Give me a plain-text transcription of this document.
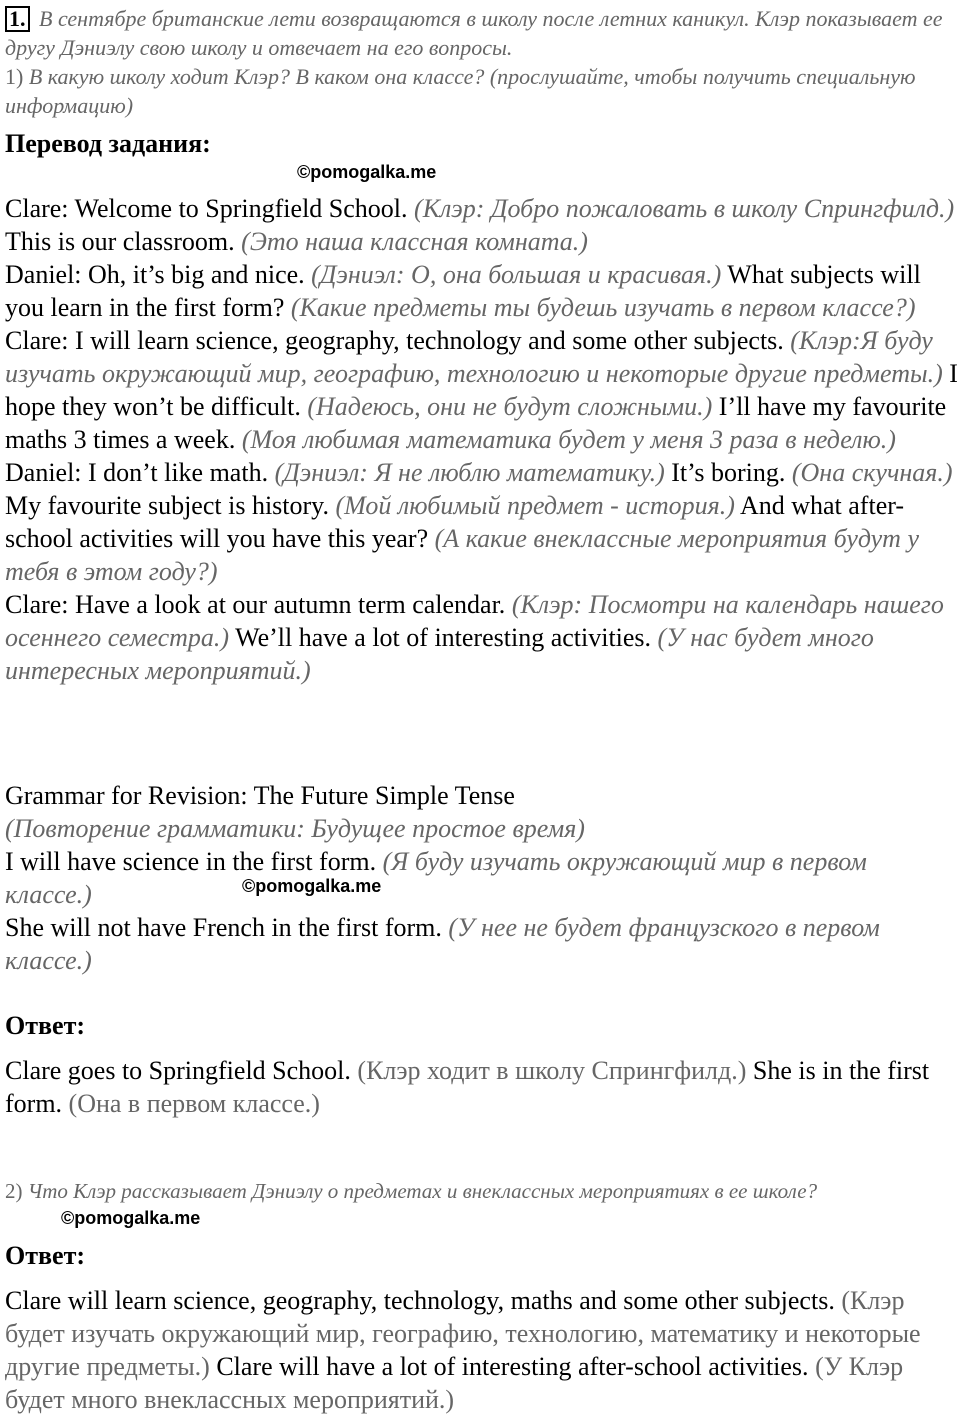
1. В сентябре британские лети возвращаются в школу после летних каникул. Клэр показывает ее другу Дэниэлу свою школу и отвечает на его вопросы.
1) В какую школу ходит Клэр? В каком она классе? (прослушайте, чтобы получить специальную информацию)
Перевод задания:
©pomogalka.me
Clare: Welcome to Springfield School. (Клэр: Добро пожаловать в школу Спрингфилд.) This is our classroom. (Это наша классная комната.)
Daniel: Oh, it’s big and nice. (Дэниэл: О, она большая и красивая.) What subjects will you learn in the first form? (Какие предметы ты будешь изучать в первом классе?)
Clare: I will learn science, geography, technology and some other subjects. (Клэр:Я буду изучать окружающий мир, географию, технологию и некоторые другие предметы.) I hope they won’t be difficult. (Надеюсь, они не будут сложными.) I’ll have my favourite maths 3 times a week. (Моя любимая математика будет у меня 3 раза в неделю.)
Daniel: I don’t like math. (Дэниэл: Я не люблю математику.) It’s boring. (Она скучная.) My favourite subject is history. (Мой любимый предмет - история.) And what after-school activities will you have this year? (А какие внеклассные мероприятия будут у тебя в этом году?)
Clare: Have a look at our autumn term calendar. (Клэр: Посмотри на календарь нашего осеннего семестра.) We’ll have a lot of interesting activities. (У нас будет много интересных мероприятий.)
Grammar for Revision: The Future Simple Tense
(Повторение грамматики: Будущее простое время)
I will have science in the first form. (Я буду изучать окружающий мир в первом классе.)
She will not have French in the first form. (У нее не будет французского в первом классе.)
©pomogalka.me
Ответ:
Clare goes to Springfield School. (Клэр ходит в школу Спрингфилд.) She is in the first form. (Она в первом классе.)
2) Что Клэр рассказывает Дэниэлу о предметах и внеклассных мероприятиях в ее школе?
©pomogalka.me
Ответ:
Clare will learn science, geography, technology, maths and some other subjects. (Клэр будет изучать окружающий мир, географию, технологию, математику и некоторые другие предметы.) Clare will have a lot of interesting after-school activities. (У Клэр будет много внеклассных мероприятий.)
